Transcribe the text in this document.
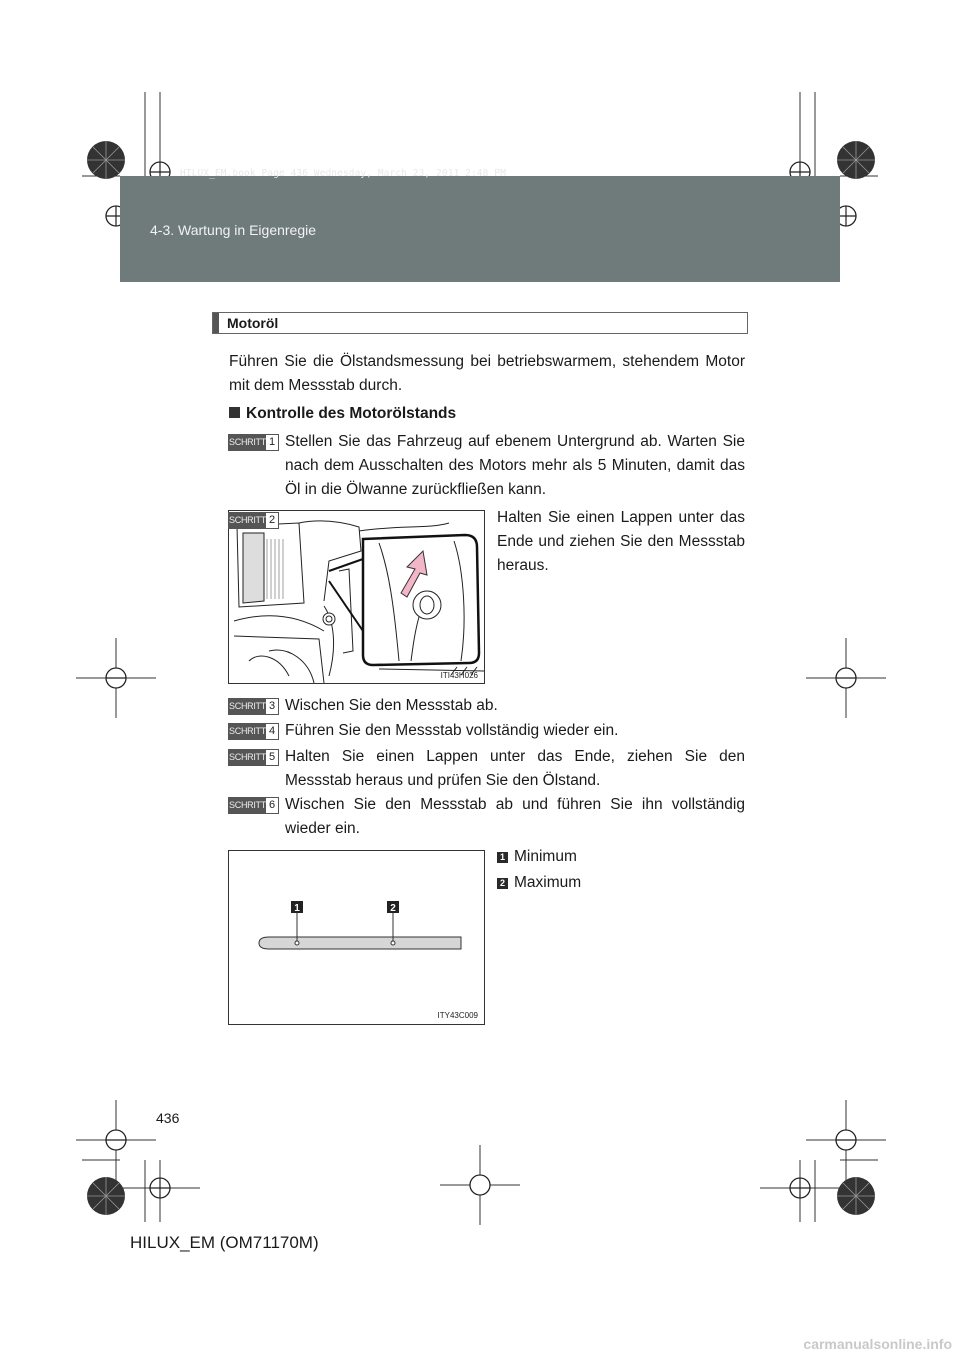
4-3. Wartung in Eigenregie
HILUX_EM.book Page 436 Wednesday, March 23, 2011 2:48 PM
Motoröl
Führen Sie die Ölstandsmessung bei betriebswarmem, stehendem Motor mit dem Messstab durch.
Kontrolle des Motorölstands
SCHRITT 1 Stellen Sie das Fahrzeug auf ebenem Untergrund ab. Warten Sie nach dem Ausschalten des Motors mehr als 5 Minuten, damit das Öl in die Ölwanne zurückfließen kann.
ITI43H026
SCHRITT 2	Halten Sie einen Lappen unter das Ende und ziehen Sie den Messstab heraus.
SCHRITT 3 Wischen Sie den Messstab ab.
SCHRITT 4 Führen Sie den Messstab vollständig wieder ein.
SCHRITT 5 Halten Sie einen Lappen unter das Ende, ziehen Sie den Messstab heraus und prüfen Sie den Ölstand.
SCHRITT 6 Wischen Sie den Messstab ab und führen Sie ihn vollständig wieder ein.
1	2
ITY43C009
1 Minimum
2 Maximum
436
HILUX_EM (OM71170M)
carmanualsonline.info
